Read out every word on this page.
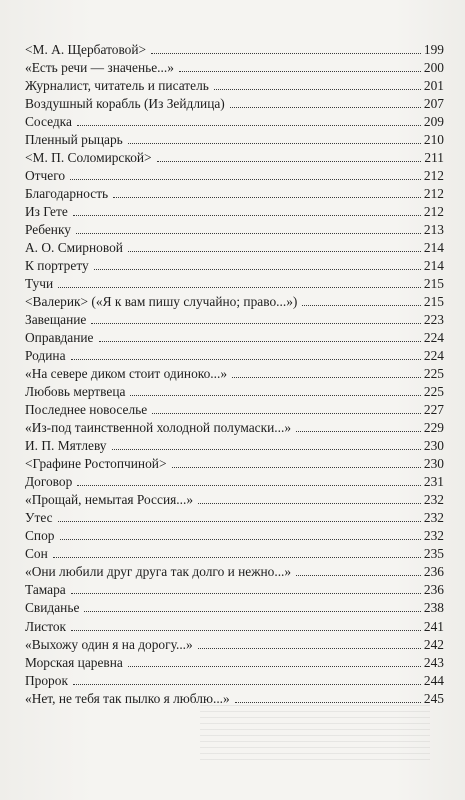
<М. А. Щербатовой>	199
«Есть речи — значенье...»	200
Журналист, читатель и писатель	201
Воздушный корабль (Из Зейдлица)	207
Соседка	209
Пленный рыцарь	210
<М. П. Соломирской>	211
Отчего	212
Благодарность	212
Из Гете	212
Ребенку	213
А. О. Смирновой	214
К портрету	214
Тучи	215
<Валерик> («Я к вам пишу случайно; право...»)	215
Завещание	223
Оправдание	224
Родина	224
«На севере диком стоит одиноко...»	225
Любовь мертвеца	225
Последнее новоселье	227
«Из-под таинственной холодной полумаски...»	229
И. П. Мятлеву	230
<Графине Ростопчиной>	230
Договор	231
«Прощай, немытая Россия...»	232
Утес	232
Спор	232
Сон	235
«Они любили друг друга так долго и нежно...»	236
Тамара	236
Свиданье	238
Листок	241
«Выхожу один я на дорогу...»	242
Морская царевна	243
Пророк	244
«Нет, не тебя так пылко я люблю...»	245
